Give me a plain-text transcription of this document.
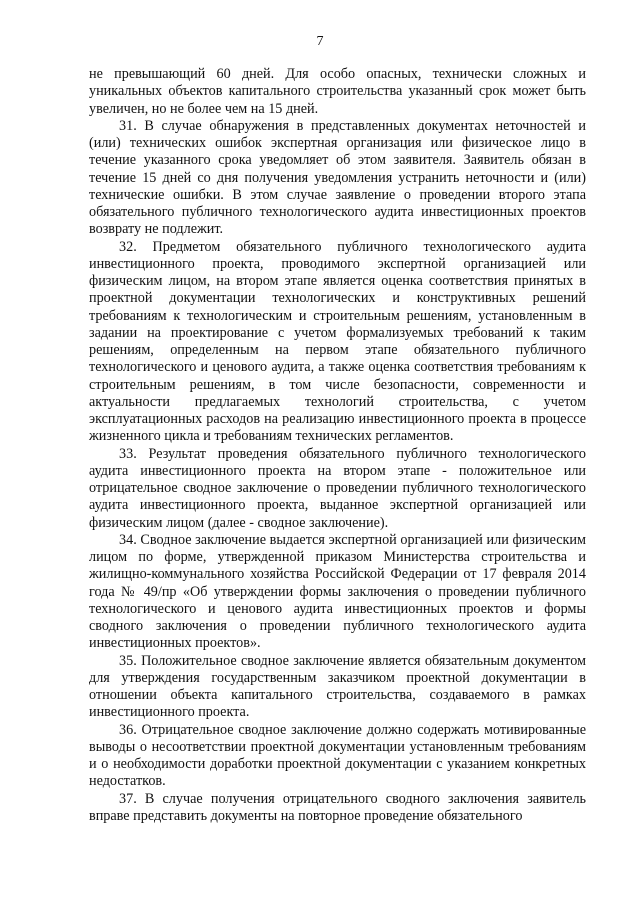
7

не превышающий 60 дней. Для особо опасных, технически сложных и уникальных объектов капитального строительства указанный срок может быть увеличен, но не более чем на 15 дней.

31. В случае обнаружения в представленных документах неточностей и (или) технических ошибок экспертная организация или физическое лицо в течение указанного срока уведомляет об этом заявителя. Заявитель обязан в течение 15 дней со дня получения уведомления устранить неточности и (или) технические ошибки. В этом случае заявление о проведении второго этапа обязательного публичного технологического аудита инвестиционных проектов возврату не подлежит.

32. Предметом обязательного публичного технологического аудита инвестиционного проекта, проводимого экспертной организацией или физическим лицом, на втором этапе является оценка соответствия принятых в проектной документации технологических и конструктивных решений требованиям к технологическим и строительным решениям, установленным в задании на проектирование с учетом формализуемых требований к таким решениям, определенным на первом этапе обязательного публичного технологического и ценового аудита, а также оценка соответствия требованиям к строительным решениям, в том числе безопасности, современности и актуальности предлагаемых технологий строительства, с учетом эксплуатационных расходов на реализацию инвестиционного проекта в процессе жизненного цикла и требованиям технических регламентов.

33. Результат проведения обязательного публичного технологического аудита инвестиционного проекта на втором этапе - положительное или отрицательное сводное заключение о проведении публичного технологического аудита инвестиционного проекта, выданное экспертной организацией или физическим лицом (далее - сводное заключение).

34. Сводное заключение выдается экспертной организацией или физическим лицом по форме, утвержденной приказом Министерства строительства и жилищно-коммунального хозяйства Российской Федерации от 17 февраля 2014 года № 49/пр «Об утверждении формы заключения о проведении публичного технологического и ценового аудита инвестиционных проектов и формы сводного заключения о проведении публичного технологического аудита инвестиционных проектов».

35. Положительное сводное заключение является обязательным документом для утверждения государственным заказчиком проектной документации в отношении объекта капитального строительства, создаваемого в рамках инвестиционного проекта.

36. Отрицательное сводное заключение должно содержать мотивированные выводы о несоответствии проектной документации установленным требованиям и о необходимости доработки проектной документации с указанием конкретных недостатков.

37. В случае получения отрицательного сводного заключения заявитель вправе представить документы на повторное проведение обязательного
